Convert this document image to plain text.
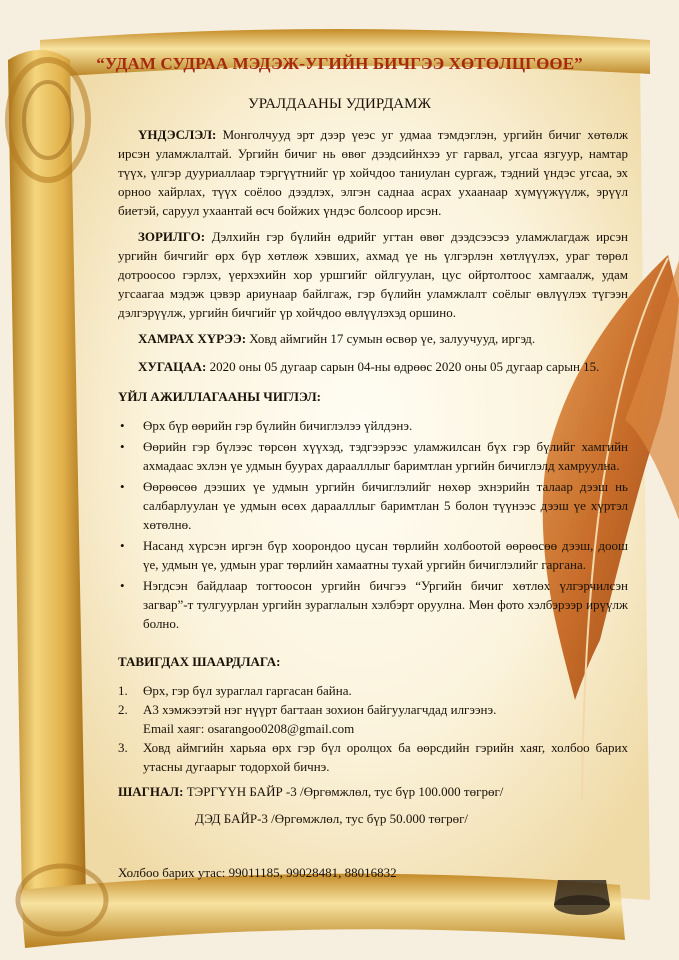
“УДАМ СУДРАА МЭДЭЖ-УГИЙН БИЧГЭЭ ХӨТӨЛЦГӨӨЕ”
УРАЛДААНЫ УДИРДАМЖ

ҮНДЭСЛЭЛ: Монголчууд эрт дээр үеэс уг удмаа тэмдэглэн, ургийн бичиг хөтөлж ирсэн уламжлалтай. Ургийн бичиг нь өвөг дээдсийнхээ уг гарвал, угсаа язгуур, намтар түүх, үлгэр дууриаллаар тэргүүтнийг үр хойчдоо таниулан сургаж, тэдний үндэс угсаа, эх орноо хайрлах, түүх соёлоо дээдлэх, элгэн саднаа асрах ухаанаар хүмүүжүүлж, эрүүл биетэй, саруул ухаантай өсч бойжих үндэс болсоор ирсэн.

ЗОРИЛГО: Дэлхийн гэр бүлийн өдрийг угтан өвөг дээдсээсээ уламжлагдаж ирсэн ургийн бичгийг өрх бүр хөтлөж хэвших, ахмад үе нь үлгэрлэн хөтлүүлэх, ураг төрөл дотроосоо гэрлэх, үерхэхийн хор уршгийг ойлгуулан, цус ойртолтоос хамгаалж, удам угсаагаа мэдэж цэвэр ариунаар байлгаж, гэр бүлийн уламжлалт соёлыг өвлүүлэх түгээн дэлгэрүүлж, ургийн бичгийг үр хойчдоо өвлүүлэхэд оршино.

ХАМРАХ ХҮРЭЭ: Ховд аймгийн 17 сумын өсвөр үе, залуучууд, иргэд.

ХУГАЦАА: 2020 оны 05 дугаар сарын 04-ны өдрөөс 2020 оны 05 дугаар сарын 15.

ҮЙЛ АЖИЛЛАГААНЫ ЧИГЛЭЛ:
• Өрх бүр өөрийн гэр бүлийн бичиглэлээ үйлдэнэ.
• Өөрийн гэр бүлээс төрсөн хүүхэд, тэдгээрээс уламжилсан бүх гэр бүлийг хамгийн ахмадаас эхлэн үе удмын буурах дараалллыг баримтлан ургийн бичиглэлд хамруулна.
• Өөрөөсөө дээших үе удмын ургийн бичиглэлийг нөхөр эхнэрийн талаар дээш нь салбарлуулан үе удмын өсөх дараалллыг баримтлан 5 болон түүнээс дээш үе хүртэл хөтөлнө.
• Насанд хүрсэн иргэн бүр хоорондоо цусан төрлийн холбоотой өөрөөсөө дээш, доош үе, удмын үе, удмын ураг төрлийн хамаатны тухай ургийн бичиглэлийг гаргана.
• Нэгдсэн байдлаар тогтоосон ургийн бичгээ “Ургийн бичиг хөтлөх үлгэрчилсэн загвар”-т тулгуурлан ургийн зураглалын хэлбэрт оруулна. Мөн фото хэлбэрээр ирүүлж болно.
ТАВИГДАХ ШААРДЛАГА:
1. Өрх, гэр бүл зураглал гаргасан байна.
2. А3 хэмжээтэй нэг нүүрт багтаан зохион байгуулагчдад илгээнэ.
Email хаяг: osarangoo0208@gmail.com
3. Ховд аймгийн харьяа өрх гэр бүл оролцох ба өөрсдийн гэрийн хаяг, холбоо барих утасны дугаарыг тодорхой бичнэ.
ШАГНАЛ: ТЭРГҮҮН БАЙР -3 /Өргөмжлөл, тус бүр 100.000 төгрөг/
ДЭД БАЙР-3 /Өргөмжлөл, тус бүр 50.000 төгрөг/
Холбоо барих утас: 99011185, 99028481, 88016832
